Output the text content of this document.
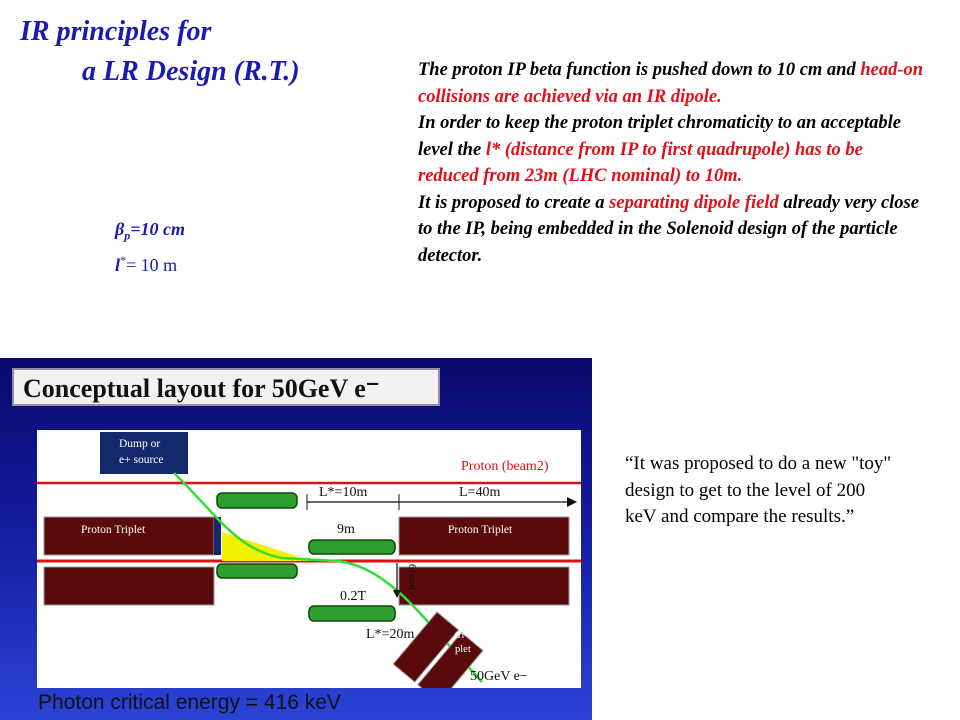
IR principles for
a LR Design (R.T.)	The proton IP beta function is pushed down to 10 cm and head-on collisions are achieved via an IR dipole.
In order to keep the proton triplet chromaticity to an acceptable level the l* (distance from IP to first quadrupole) has to be reduced from 23m (LHC nominal) to 10m.
It is proposed to create a separating dipole field already very close to the IP, being embedded in the Solenoid design of the particle detector.
$\beta_p=10$ cm
l*= 10 m
“It was proposed to do a new "toy" design to get to the level of 200 keV and compare the results.”
Conceptual layout for 50GeV e⁻
Dump or
e+ source	Proton (beam2)
Proton Triplet	Proton Triplet
L*=10m	L=40m
9m
61mm
0.2T
L*=20m
e−
tri-
plet
50GeV e−
Photon critical energy = 416 keV
